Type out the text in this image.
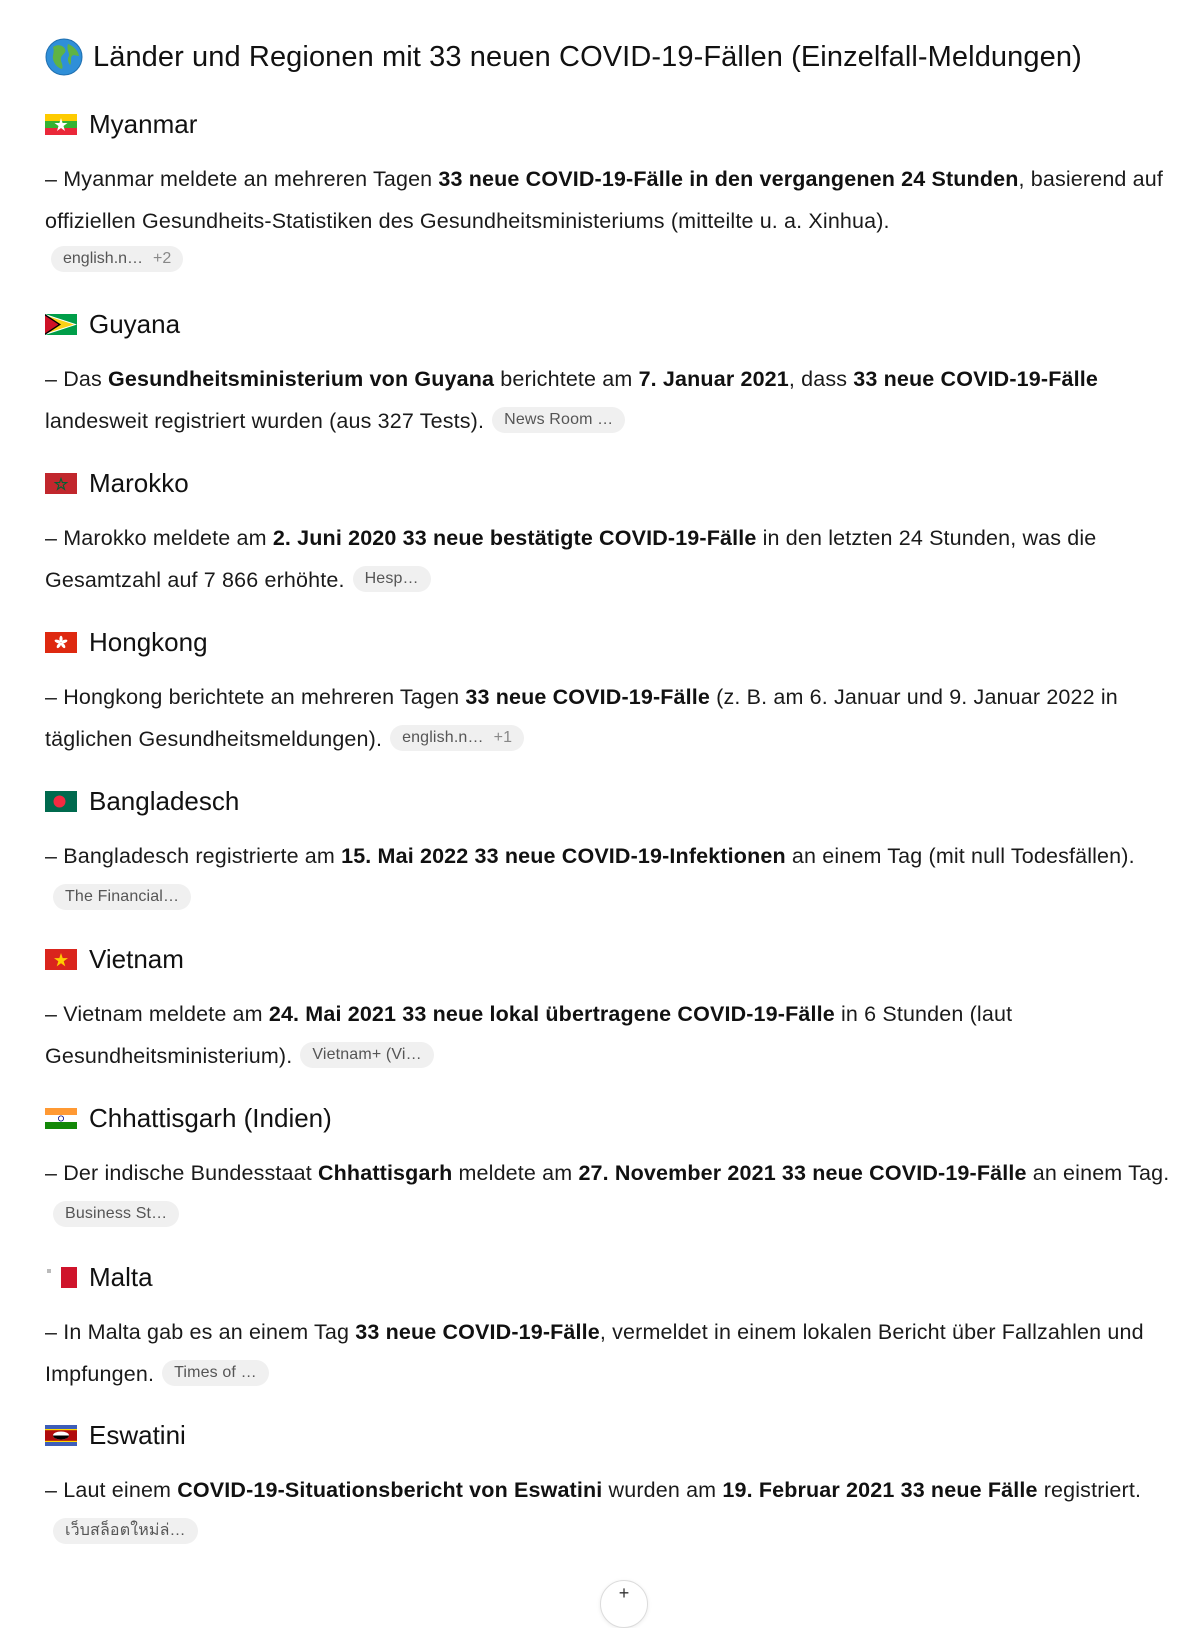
Länder und Regionen mit 33 neuen COVID-19-Fällen (Einzelfall-Meldungen)
Myanmar

– Myanmar meldete an mehreren Tagen 33 neue COVID-19-Fälle in den vergangenen 24 Stunden, basierend auf offiziellen Gesundheits-Statistiken des Gesundheitsministeriums (mitteilte u. a. Xinhua).

english.n… +2
Guyana

– Das Gesundheitsministerium von Guyana berichtete am 7. Januar 2021, dass 33 neue COVID-19-Fälle landesweit registriert wurden (aus 327 Tests). News Room …

Marokko

– Marokko meldete am 2. Juni 2020 33 neue bestätigte COVID-19-Fälle in den letzten 24 Stunden, was die Gesamtzahl auf 7 866 erhöhte. Hesp…

Hongkong

– Hongkong berichtete an mehreren Tagen 33 neue COVID-19-Fälle (z. B. am 6. Januar und 9. Januar 2022 in täglichen Gesundheitsmeldungen). english.n… +1

Bangladesch

– Bangladesch registrierte am 15. Mai 2022 33 neue COVID-19-Infektionen an einem Tag (mit null Todesfällen).The Financial…

Vietnam

– Vietnam meldete am 24. Mai 2021 33 neue lokal übertragene COVID-19-Fälle in 6 Stunden (laut Gesundheitsministerium). Vietnam+ (Vi…

Chhattisgarh (Indien)

– Der indische Bundesstaat Chhattisgarh meldete am 27. November 2021 33 neue COVID-19-Fälle an einem Tag.Business St…

Malta

– In Malta gab es an einem Tag 33 neue COVID-19-Fälle, vermeldet in einem lokalen Bericht über Fallzahlen und Impfungen. Times of …

Eswatini

– Laut einem COVID-19-Situationsbericht von Eswatini wurden am 19. Februar 2021 33 neue Fälle registriert.เว็บสล็อตใหม่ล่…

+
